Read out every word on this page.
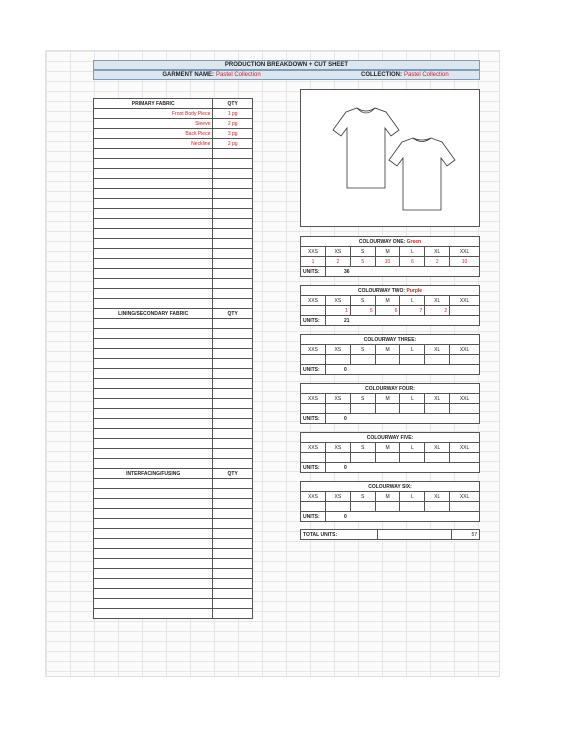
PRODUCTION BREAKDOWN + CUT SHEET
GARMENT NAME: Pastel Collection	COLLECTION: Pastel Collection
PRIMARY FABRIC	QTY
Front Body Piece	1 pg
Sleeve	2 pg
Back Piece	3 pg
Neckline	2 pg

LINING/SECONDARY FABRIC	QTY

INTERFACING/FUSING	QTY

COLOURWAY ONE: Green						
XXS	XS	S	M	L	XL	XXL
1	2	5	10	6	2	10
UNITS:	36					
COLOURWAY TWO: Purple						
XXS	XS	S	M	L	XL	XXL
	1	5	6	7	2	
UNITS:	21					
COLOURWAY THREE:						
XXS	XS	S	M	L	XL	XXL

UNITS:	0					
COLOURWAY FOUR:						
XXS	XS	S	M	L	XL	XXL

UNITS:	0					
COLOURWAY FIVE:						
XXS	XS	S	M	L	XL	XXL

UNITS:	0					
COLOURWAY SIX:						
XXS	XS	S	M	L	XL	XXL

UNITS:	0					
TOTAL UNITS:		57
